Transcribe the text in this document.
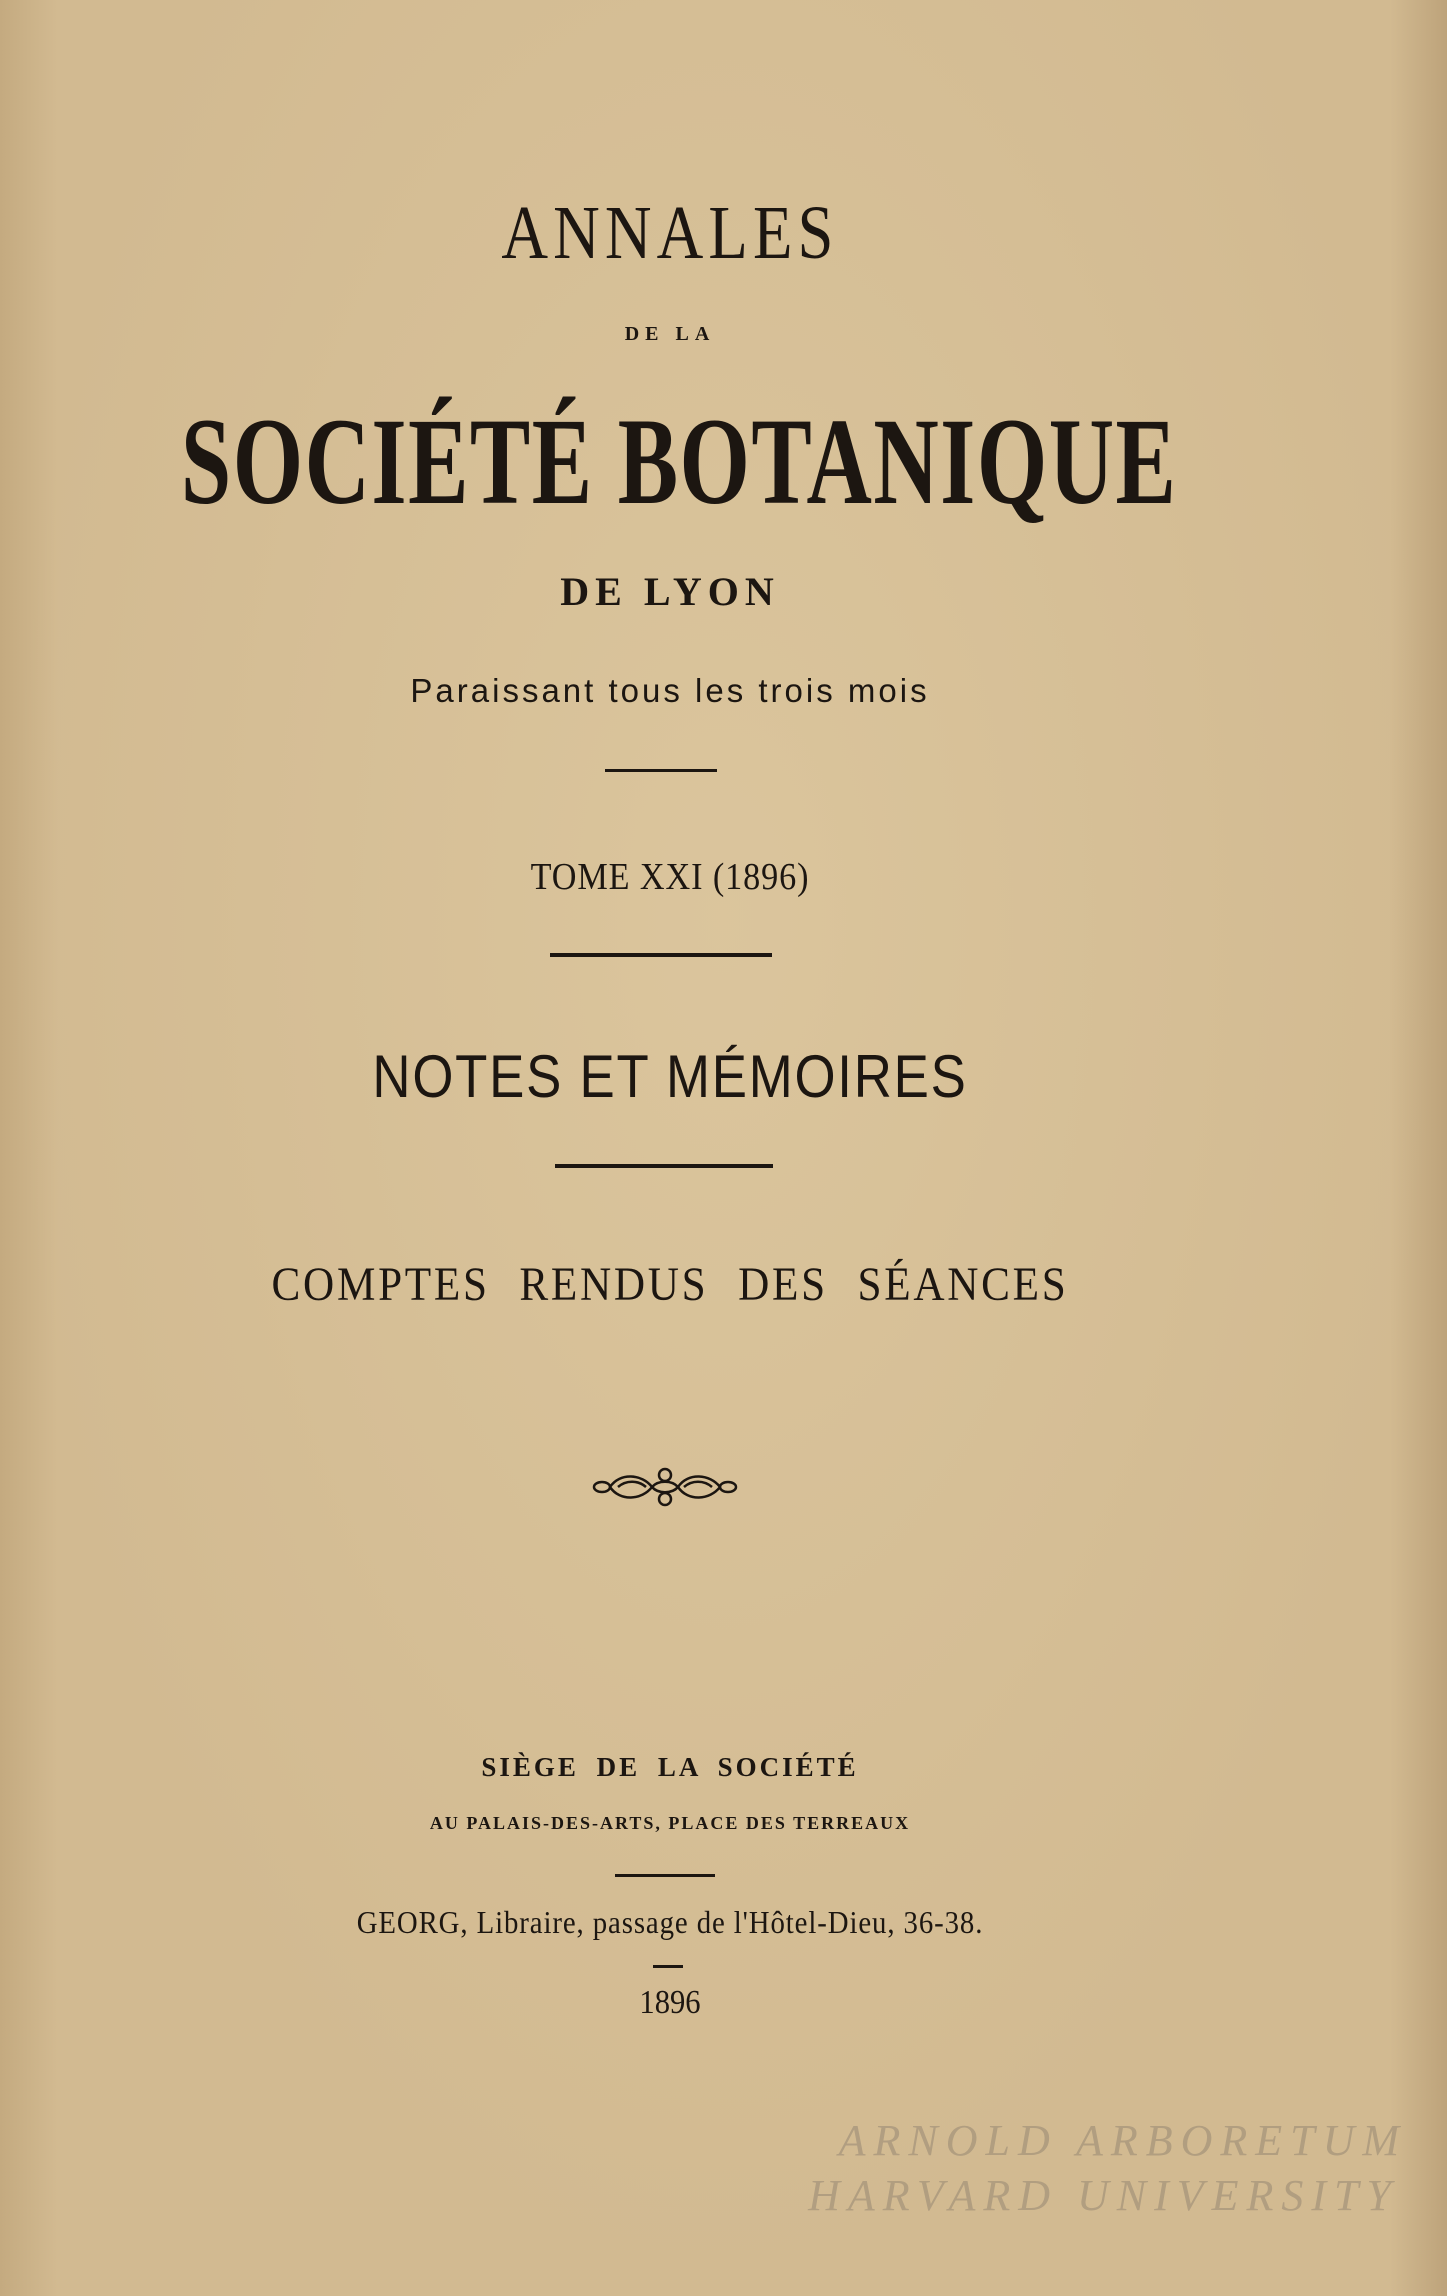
ANNALES
DE LA
SOCIÉTÉ BOTANIQUE
DE LYON
Paraissant tous les trois mois
TOME XXI (1896)
NOTES ET MÉMOIRES
COMPTES RENDUS DES SÉANCES
SIÈGE DE LA SOCIÉTÉ
AU PALAIS-DES-ARTS, PLACE DES TERREAUX
GEORG, Libraire, passage de l'Hôtel-Dieu, 36-38.
1896
ARNOLD ARBORETUM
HARVARD UNIVERSITY
